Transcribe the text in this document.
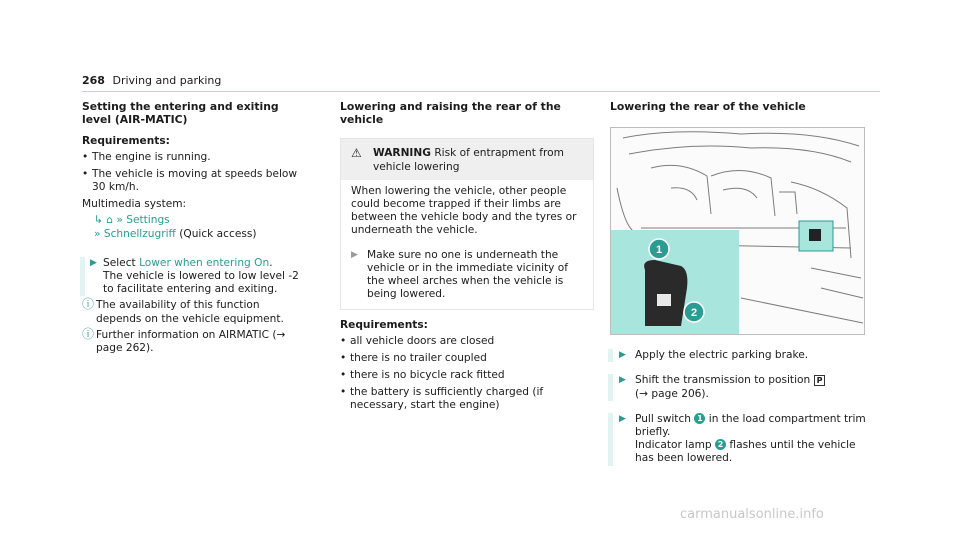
268 Driving and parking
Setting the entering and exiting level (AIR-MATIC)
Requirements:
• The engine is running.
• The vehicle is moving at speeds below 30 km/h.
Multimedia system:
↳ ⌂ » Settings
» Schnellzugriff (Quick access)
▶ Select Lower when entering On.
The vehicle is lowered to low level -2 to facilitate entering and exiting.
ⓘ The availability of this function depends on the vehicle equipment.
ⓘ Further information on AIRMATIC (→ page 262).
Lowering and raising the rear of the vehicle
⚠ WARNING Risk of entrapment from vehicle lowering
When lowering the vehicle, other people could become trapped if their limbs are between the vehicle body and the tyres or underneath the vehicle.
▶ Make sure no one is underneath the vehicle or in the immediate vicinity of the wheel arches when the vehicle is being lowered.
Requirements:
• all vehicle doors are closed
• there is no trailer coupled
• there is no bicycle rack fitted
• the battery is sufficiently charged (if necessary, start the engine)
Lowering the rear of the vehicle
1
2
▶ Apply the electric parking brake.
▶ Shift the transmission to position P
(→ page 206).
▶ Pull switch 1 in the load compartment trim briefly.
Indicator lamp 2 flashes until the vehicle has been lowered.
carmanualsonline.info
